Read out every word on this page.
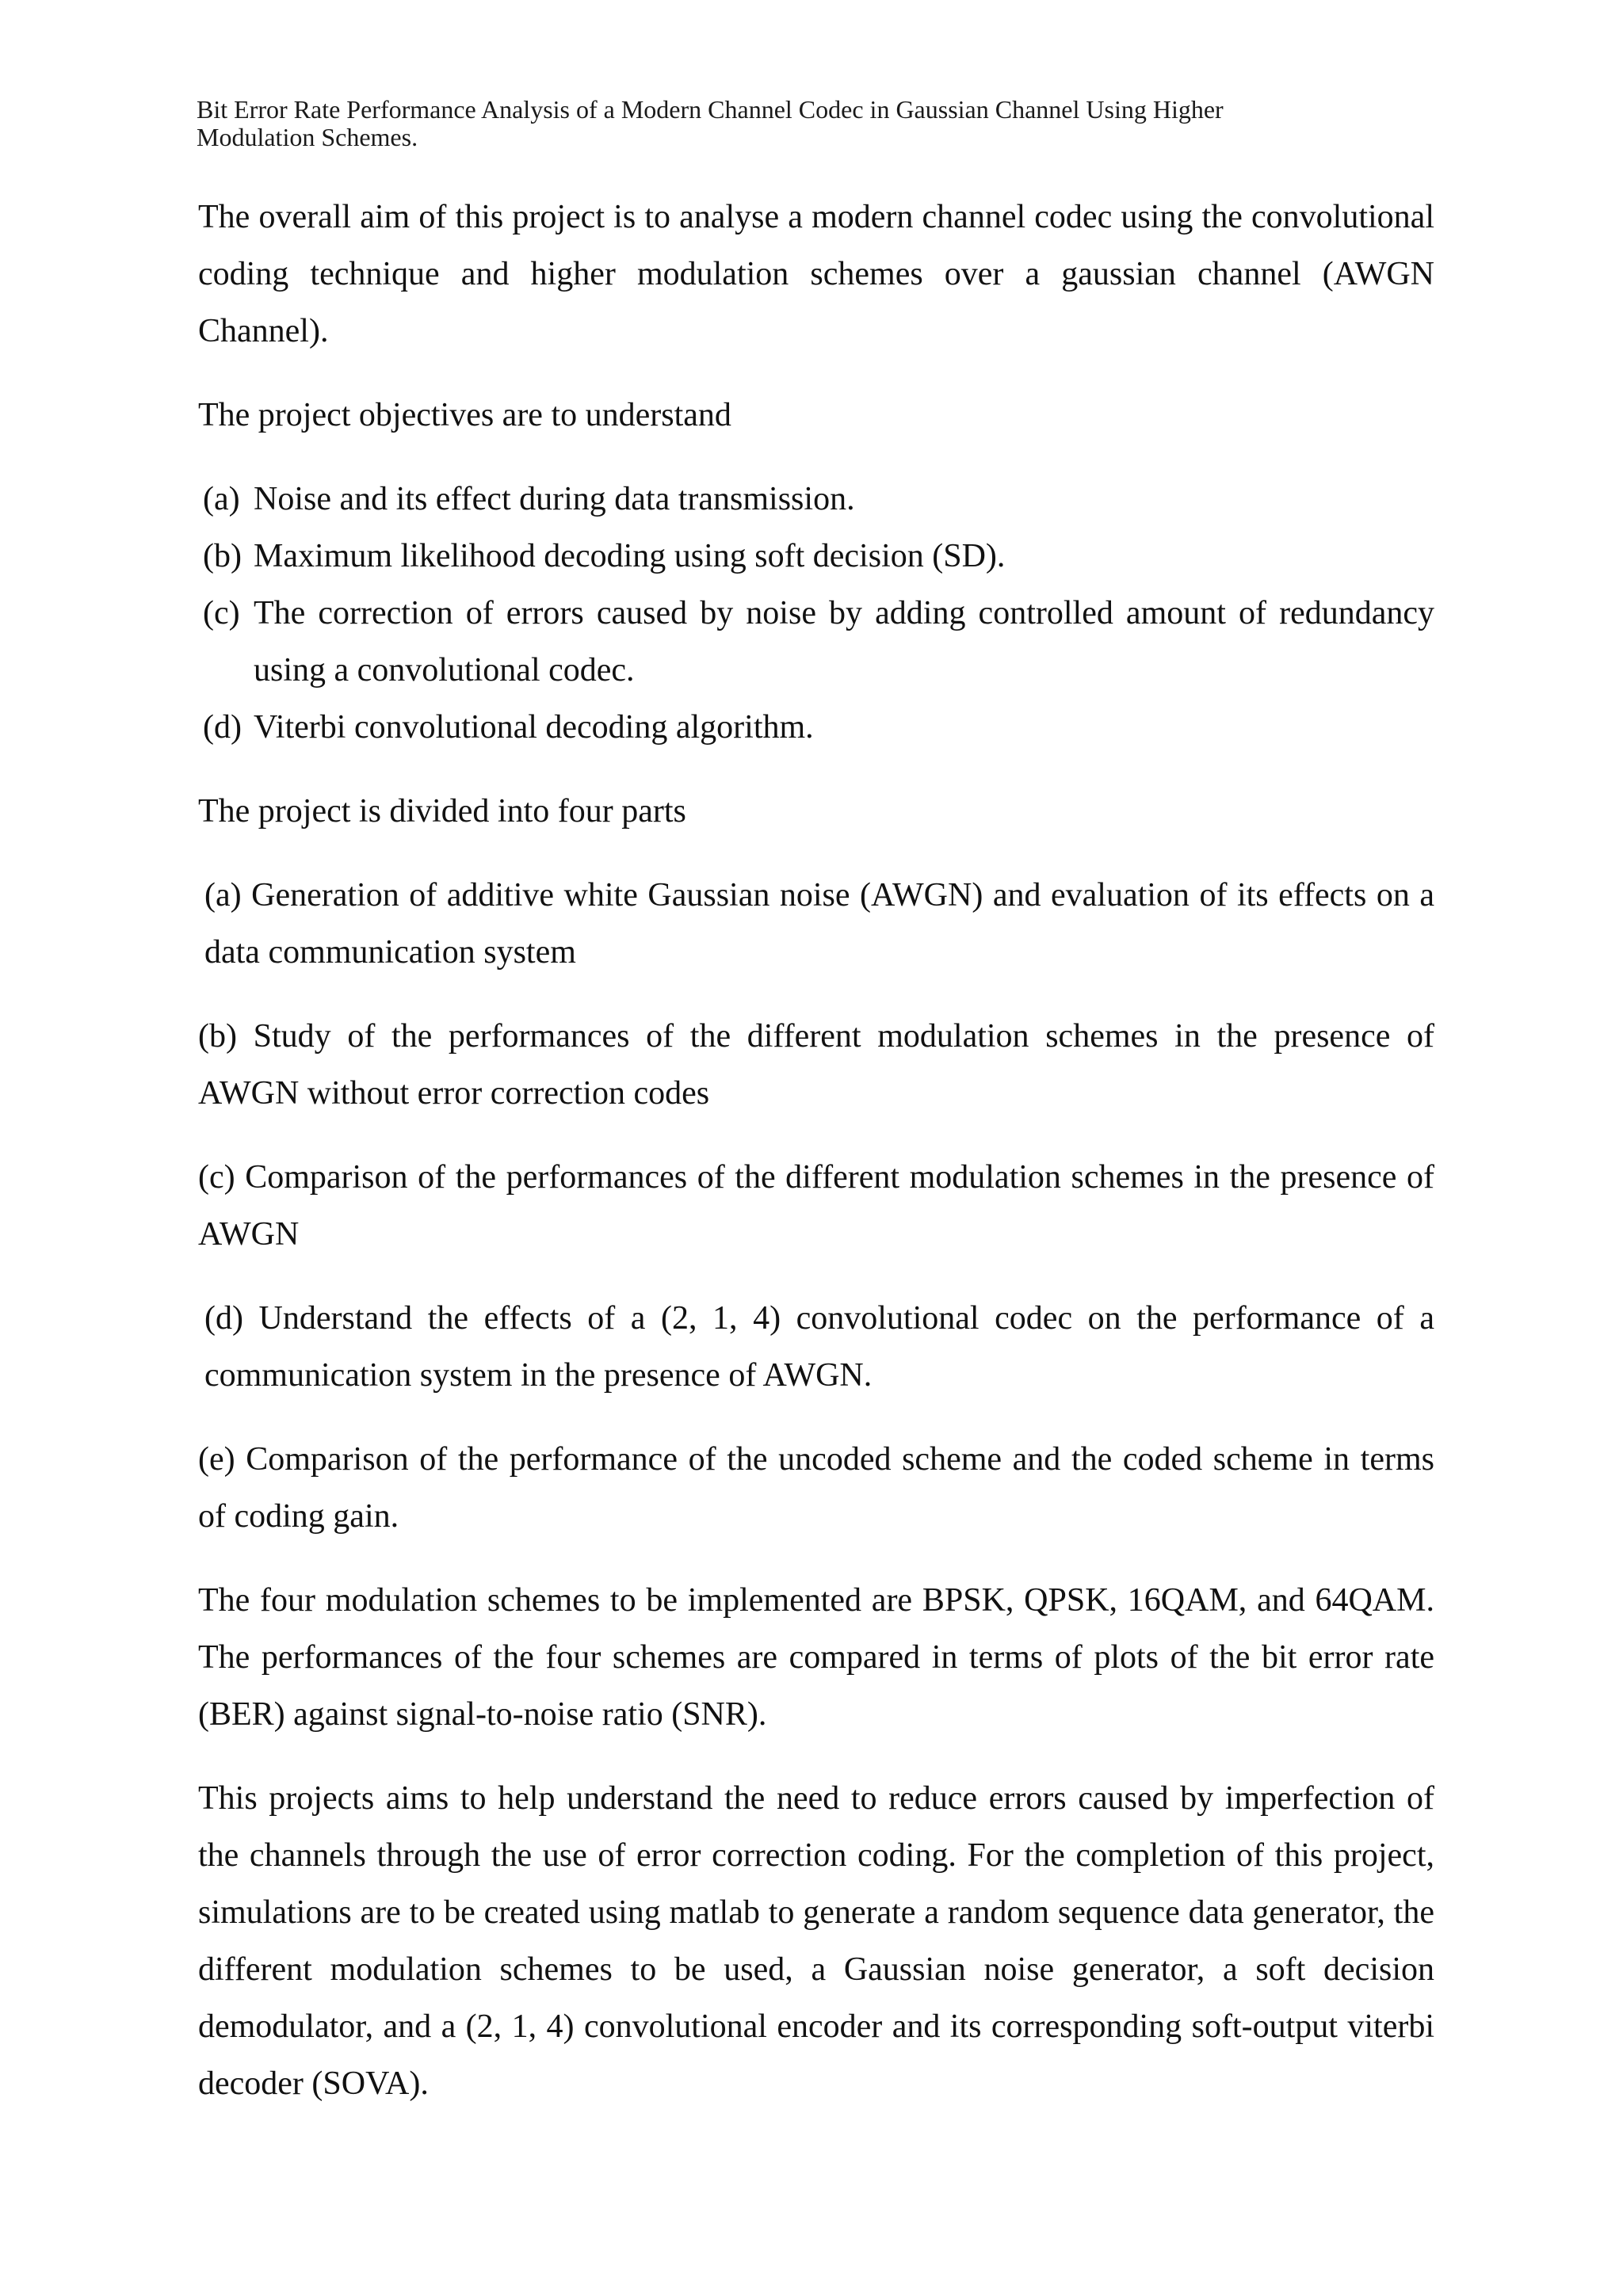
Bit Error Rate Performance Analysis of a Modern Channel Codec in Gaussian Channel Using Higher
Modulation Schemes.

The overall aim of this project is to analyse a modern channel codec using the convolutional coding technique and higher modulation schemes over a gaussian channel (AWGN Channel).

The project objectives are to understand

(a) Noise and its effect during data transmission.
(b) Maximum likelihood decoding using soft decision (SD).
(c) The correction of errors caused by noise by adding controlled amount of redundancy using a convolutional codec.
(d) Viterbi convolutional decoding algorithm.

The project is divided into four parts

(a) Generation of additive white Gaussian noise (AWGN) and evaluation of its effects on a data communication system

(b) Study of the performances of the different modulation schemes in the presence of AWGN without error correction codes

(c) Comparison of the performances of the different modulation schemes in the presence of AWGN

(d) Understand the effects of a (2, 1, 4) convolutional codec on the performance of a communication system in the presence of AWGN.

(e) Comparison of the performance of the uncoded scheme and the coded scheme in terms of coding gain.

The four modulation schemes to be implemented are BPSK, QPSK, 16QAM, and 64QAM. The performances of the four schemes are compared in terms of plots of the bit error rate (BER) against signal-to-noise ratio (SNR).

This projects aims to help understand the need to reduce errors caused by imperfection of the channels through the use of error correction coding. For the completion of this project, simulations are to be created using matlab to generate a random sequence data generator, the different modulation schemes to be used, a Gaussian noise generator, a soft decision demodulator, and a (2, 1, 4) convolutional encoder and its corresponding soft-output viterbi decoder (SOVA).
